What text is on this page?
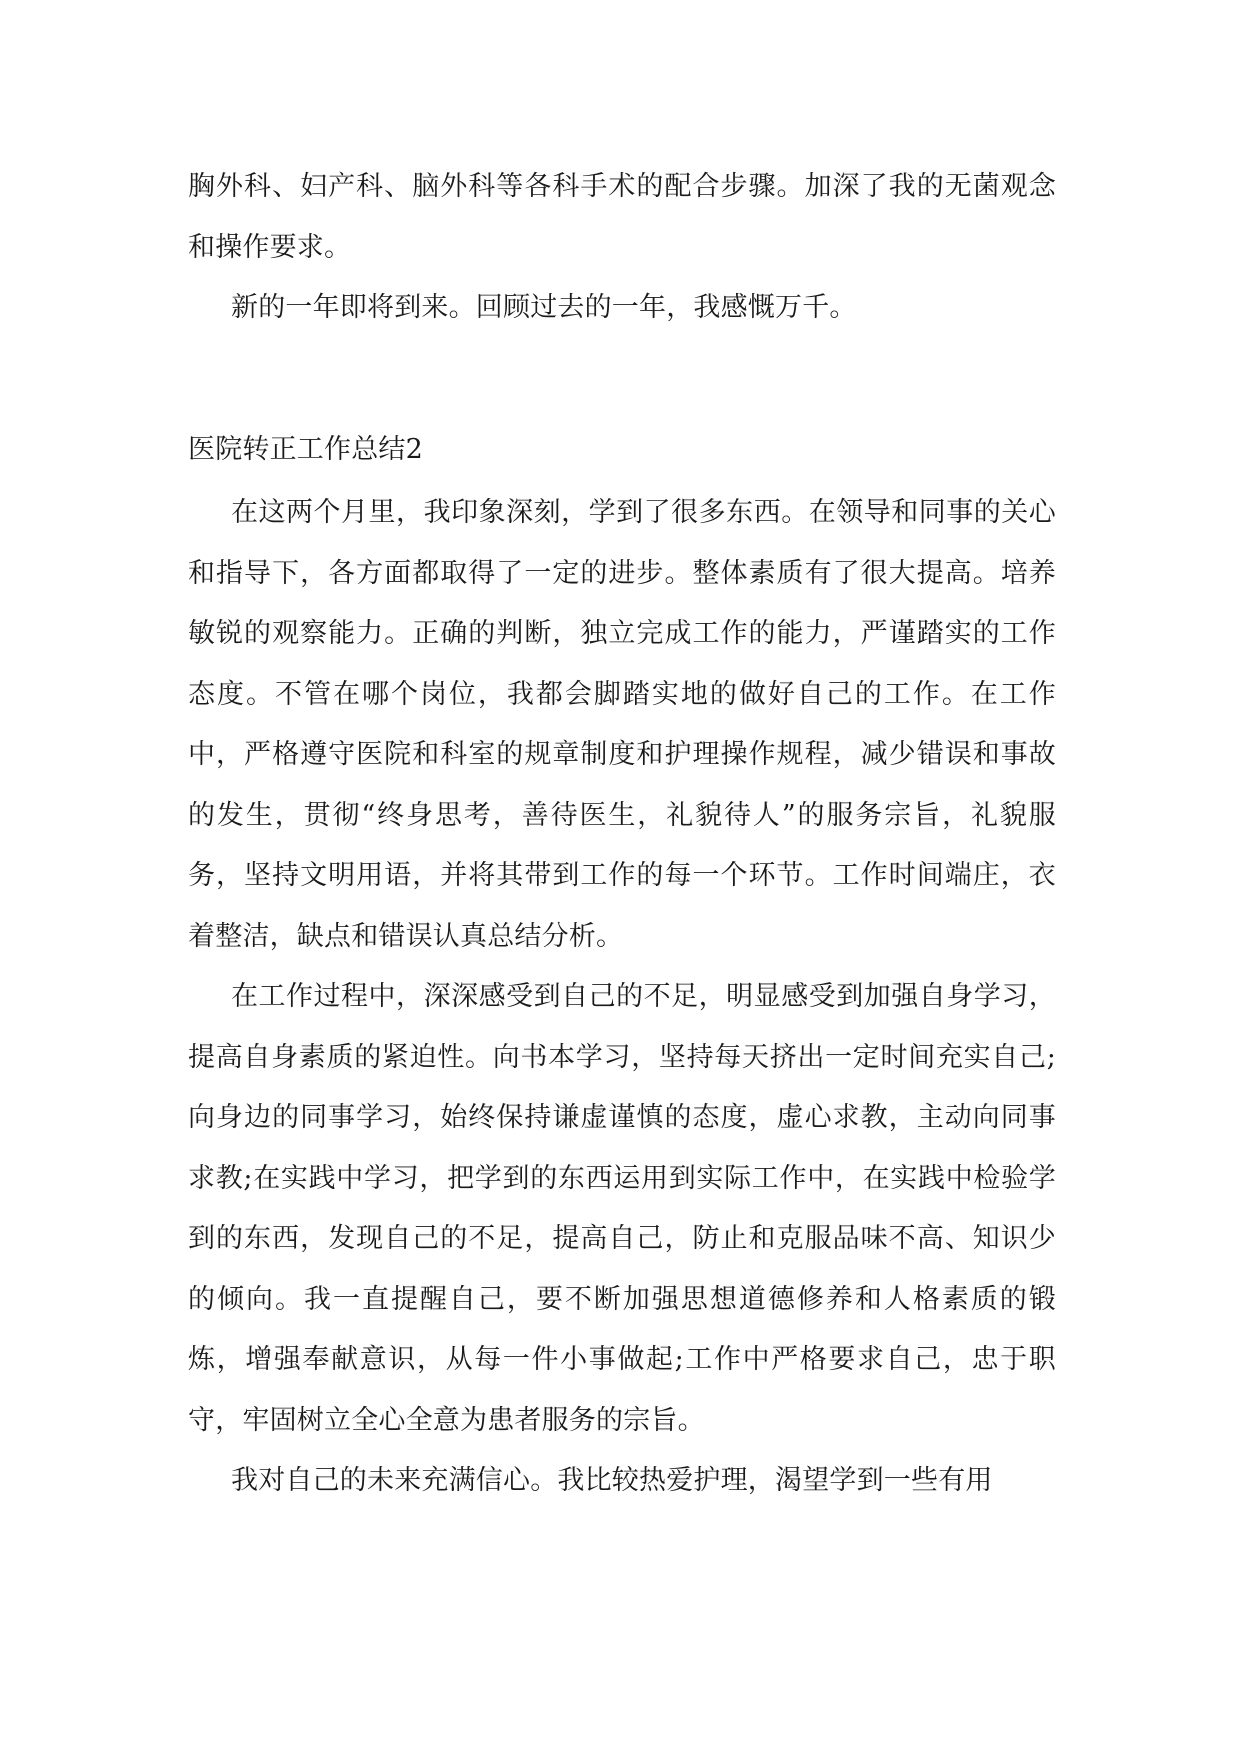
胸外科、妇产科、脑外科等各科手术的配合步骤。加深了我的无菌观念和操作要求。

新的一年即将到来。回顾过去的一年，我感慨万千。

医院转正工作总结2

在这两个月里，我印象深刻，学到了很多东西。在领导和同事的关心和指导下，各方面都取得了一定的进步。整体素质有了很大提高。培养敏锐的观察能力。正确的判断，独立完成工作的能力，严谨踏实的工作态度。不管在哪个岗位，我都会脚踏实地的做好自己的工作。在工作中，严格遵守医院和科室的规章制度和护理操作规程，减少错误和事故的发生，贯彻“终身思考，善待医生，礼貌待人”的服务宗旨，礼貌服务，坚持文明用语，并将其带到工作的每一个环节。工作时间端庄，衣着整洁，缺点和错误认真总结分析。

在工作过程中，深深感受到自己的不足，明显感受到加强自身学习，提高自身素质的紧迫性。向书本学习，坚持每天挤出一定时间充实自己;向身边的同事学习，始终保持谦虚谨慎的态度，虚心求教，主动向同事求教;在实践中学习，把学到的东西运用到实际工作中，在实践中检验学到的东西，发现自己的不足，提高自己，防止和克服品味不高、知识少的倾向。我一直提醒自己，要不断加强思想道德修养和人格素质的锻炼，增强奉献意识，从每一件小事做起;工作中严格要求自己，忠于职守，牢固树立全心全意为患者服务的宗旨。

我对自己的未来充满信心。我比较热爱护理，渴望学到一些有用
